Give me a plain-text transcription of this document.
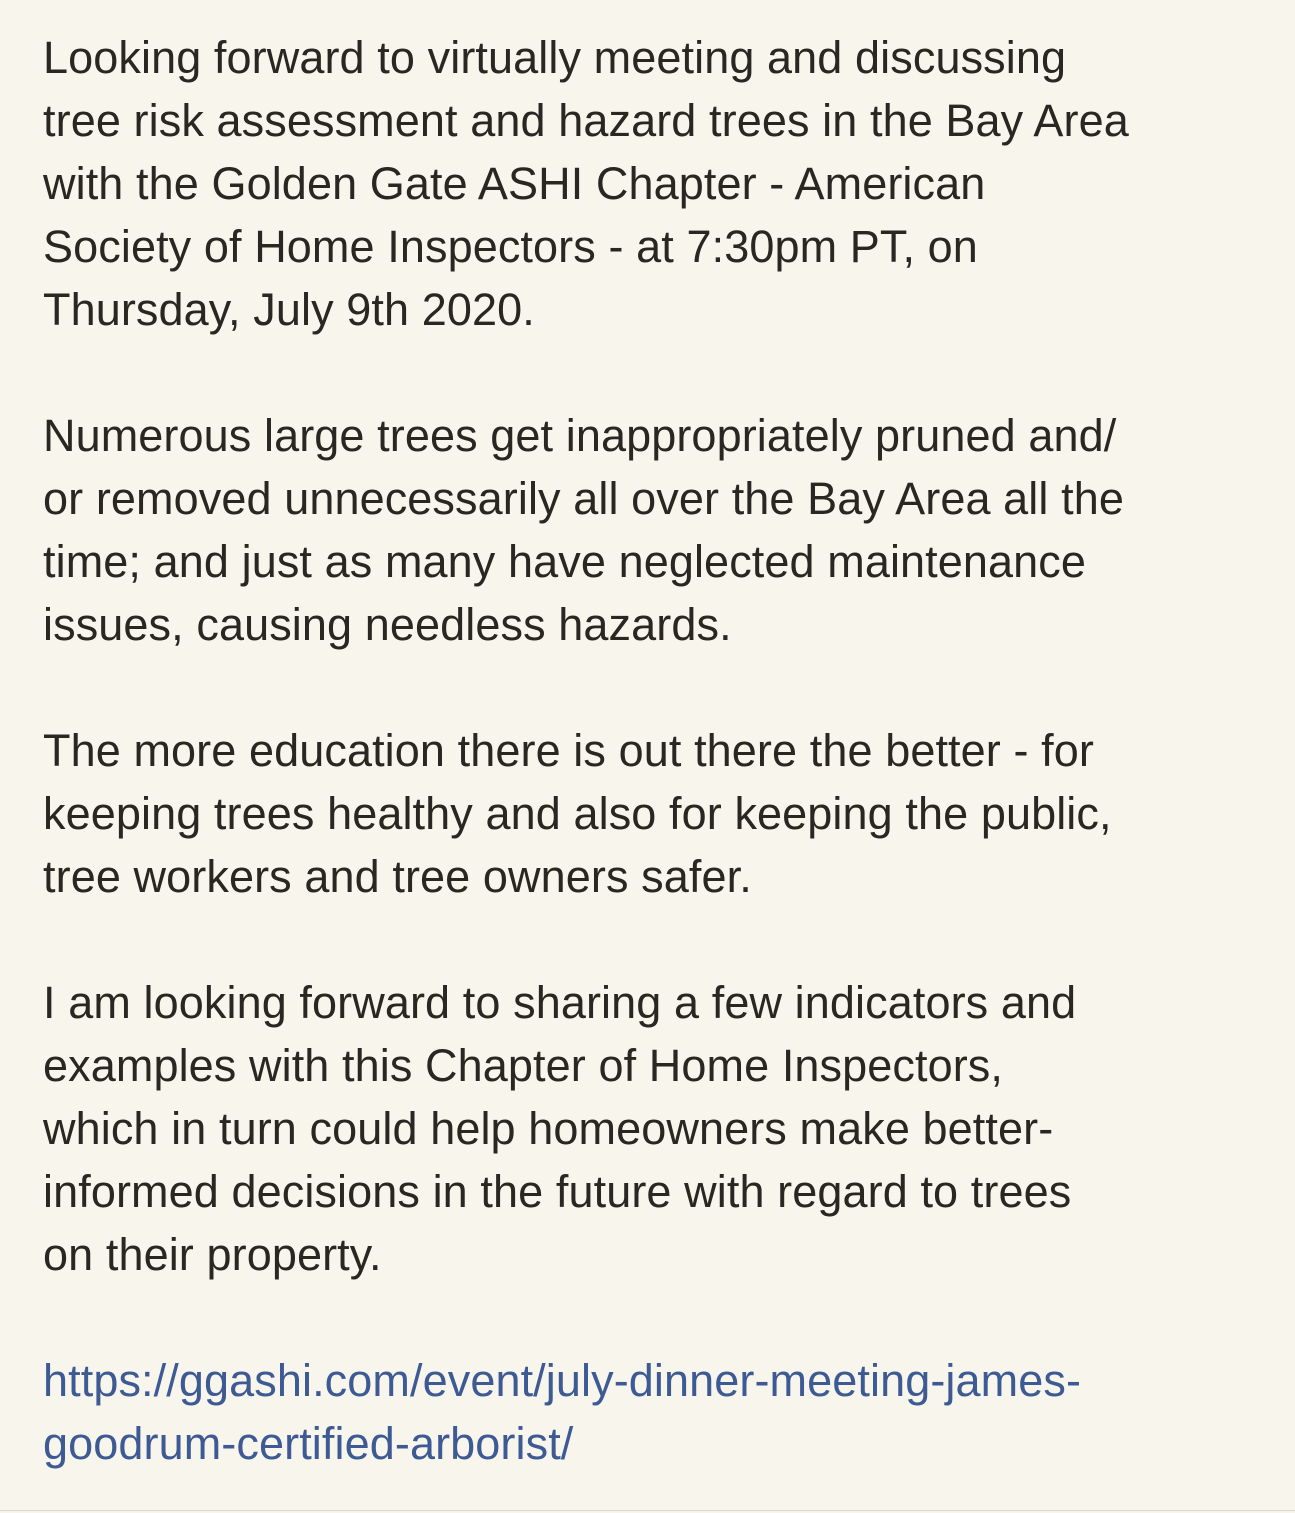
Looking forward to virtually meeting and discussing
tree risk assessment and hazard trees in the Bay Area
with the Golden Gate ASHI Chapter - American
Society of Home Inspectors - at 7:30pm PT, on
Thursday, July 9th 2020.
Numerous large trees get inappropriately pruned and/
or removed unnecessarily all over the Bay Area all the
time; and just as many have neglected maintenance
issues, causing needless hazards.
The more education there is out there the better - for
keeping trees healthy and also for keeping the public,
tree workers and tree owners safer.
I am looking forward to sharing a few indicators and
examples with this Chapter of Home Inspectors,
which in turn could help homeowners make better-
informed decisions in the future with regard to trees
on their property.
https://ggashi.com/event/july-dinner-meeting-james-
goodrum-certified-arborist/
